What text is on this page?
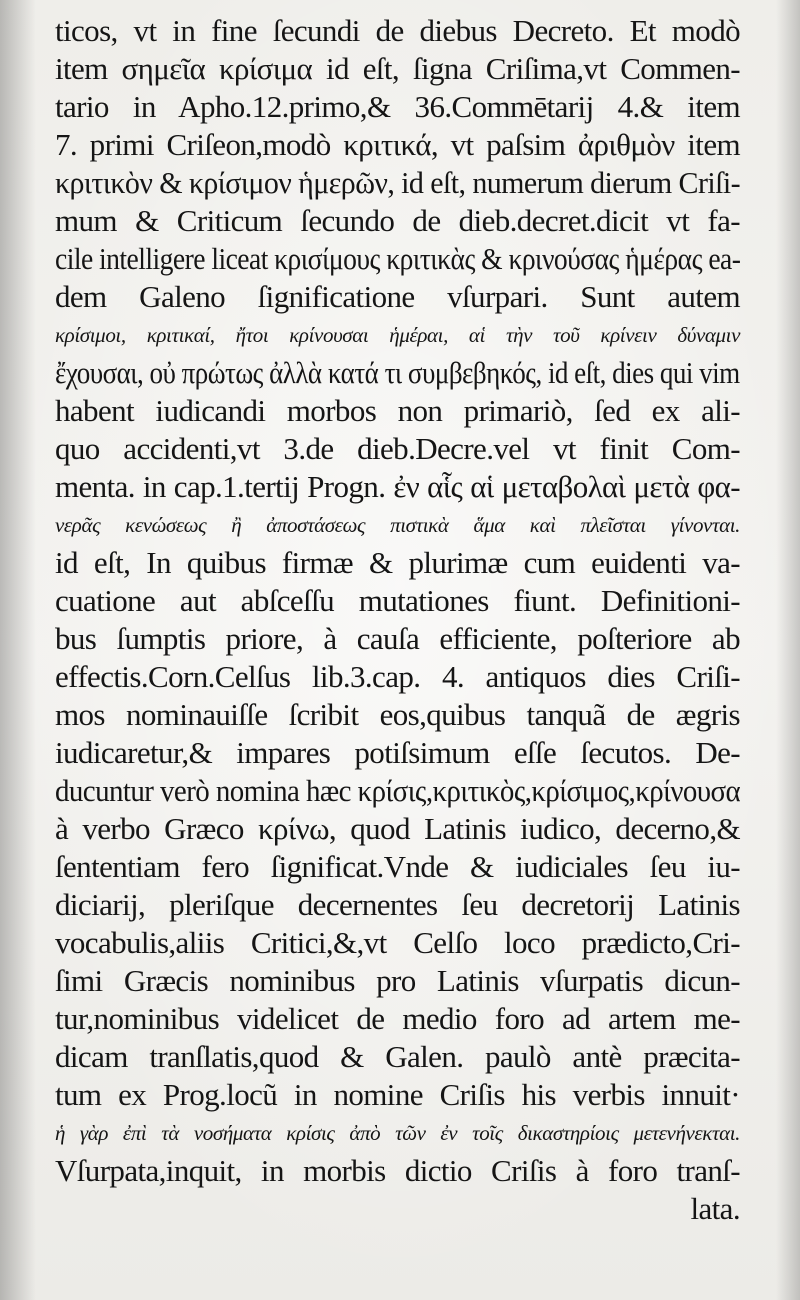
ticos, vt in fine ſecundi de diebus Decreto. Et modò
item σημεῖα κρίσιμα id eſt, ſigna Criſima,vt Commen-
tario in Apho.12.primo,& 36.Commētarij 4.& item
7. primi Criſeon,modò κριτικά, vt paſsim ἀριθμὸν item
κριτικὸν & κρίσιμον ἡμερῶν, id eſt, numerum dierum Criſi-
mum & Criticum ſecundo de dieb.decret.dicit vt fa-
cile intelligere liceat κρισίμους κριτικὰς & κρινούσας ἡμέρας ea-
dem Galeno ſignificatione vſurpari. Sunt autem
κρίσιμοι, κριτικαί, ἤτοι κρίνουσαι ἡμέραι, αἱ τὴν τοῦ κρίνειν δύναμιν
ἔχουσαι, οὐ πρώτως ἀλλὰ κατά τι συμβεβηκός, id eſt, dies qui vim
habent iudicandi morbos non primariò, ſed ex ali-
quo accidenti,vt 3.de dieb.Decre.vel vt finit Com-
menta. in cap.1.tertij Progn. ἐν αἷς αἱ μεταβολαὶ μετὰ φα-
νερᾶς κενώσεως ἢ ἀποστάσεως πιστικὰ ἅμα καὶ πλεῖσται γίνονται.
id eſt, In quibus firmæ & plurimæ cum euidenti va-
cuatione aut abſceſſu mutationes fiunt. Definitioni-
bus ſumptis priore, à cauſa efficiente, poſteriore ab
effectis.Corn.Celſus lib.3.cap. 4. antiquos dies Criſi-
mos nominauiſſe ſcribit eos,quibus tanquã de ægris
iudicaretur,& impares potiſsimum eſſe ſecutos. De-
ducuntur verò nomina hæc κρίσις,κριτικὸς,κρίσιμος,κρίνουσα
à verbo Græco κρίνω, quod Latinis iudico, decerno,&
ſententiam fero ſignificat.Vnde & iudiciales ſeu iu-
diciarij, pleriſque decernentes ſeu decretorij Latinis
vocabulis,aliis Critici,&,vt Celſo loco prædicto,Cri-
ſimi Græcis nominibus pro Latinis vſurpatis dicun-
tur,nominibus videlicet de medio foro ad artem me-
dicam tranſlatis,quod & Galen. paulò antè præcita-
tum ex Prog.locũ in nomine Criſis his verbis innuit·
ἡ γὰρ ἐπὶ τὰ νοσήματα κρίσις ἀπὸ τῶν ἐν τοῖς δικαστηρίοις μετενήνεκται.
Vſurpata,inquit, in morbis dictio Criſis à foro tranſ-
lata.
